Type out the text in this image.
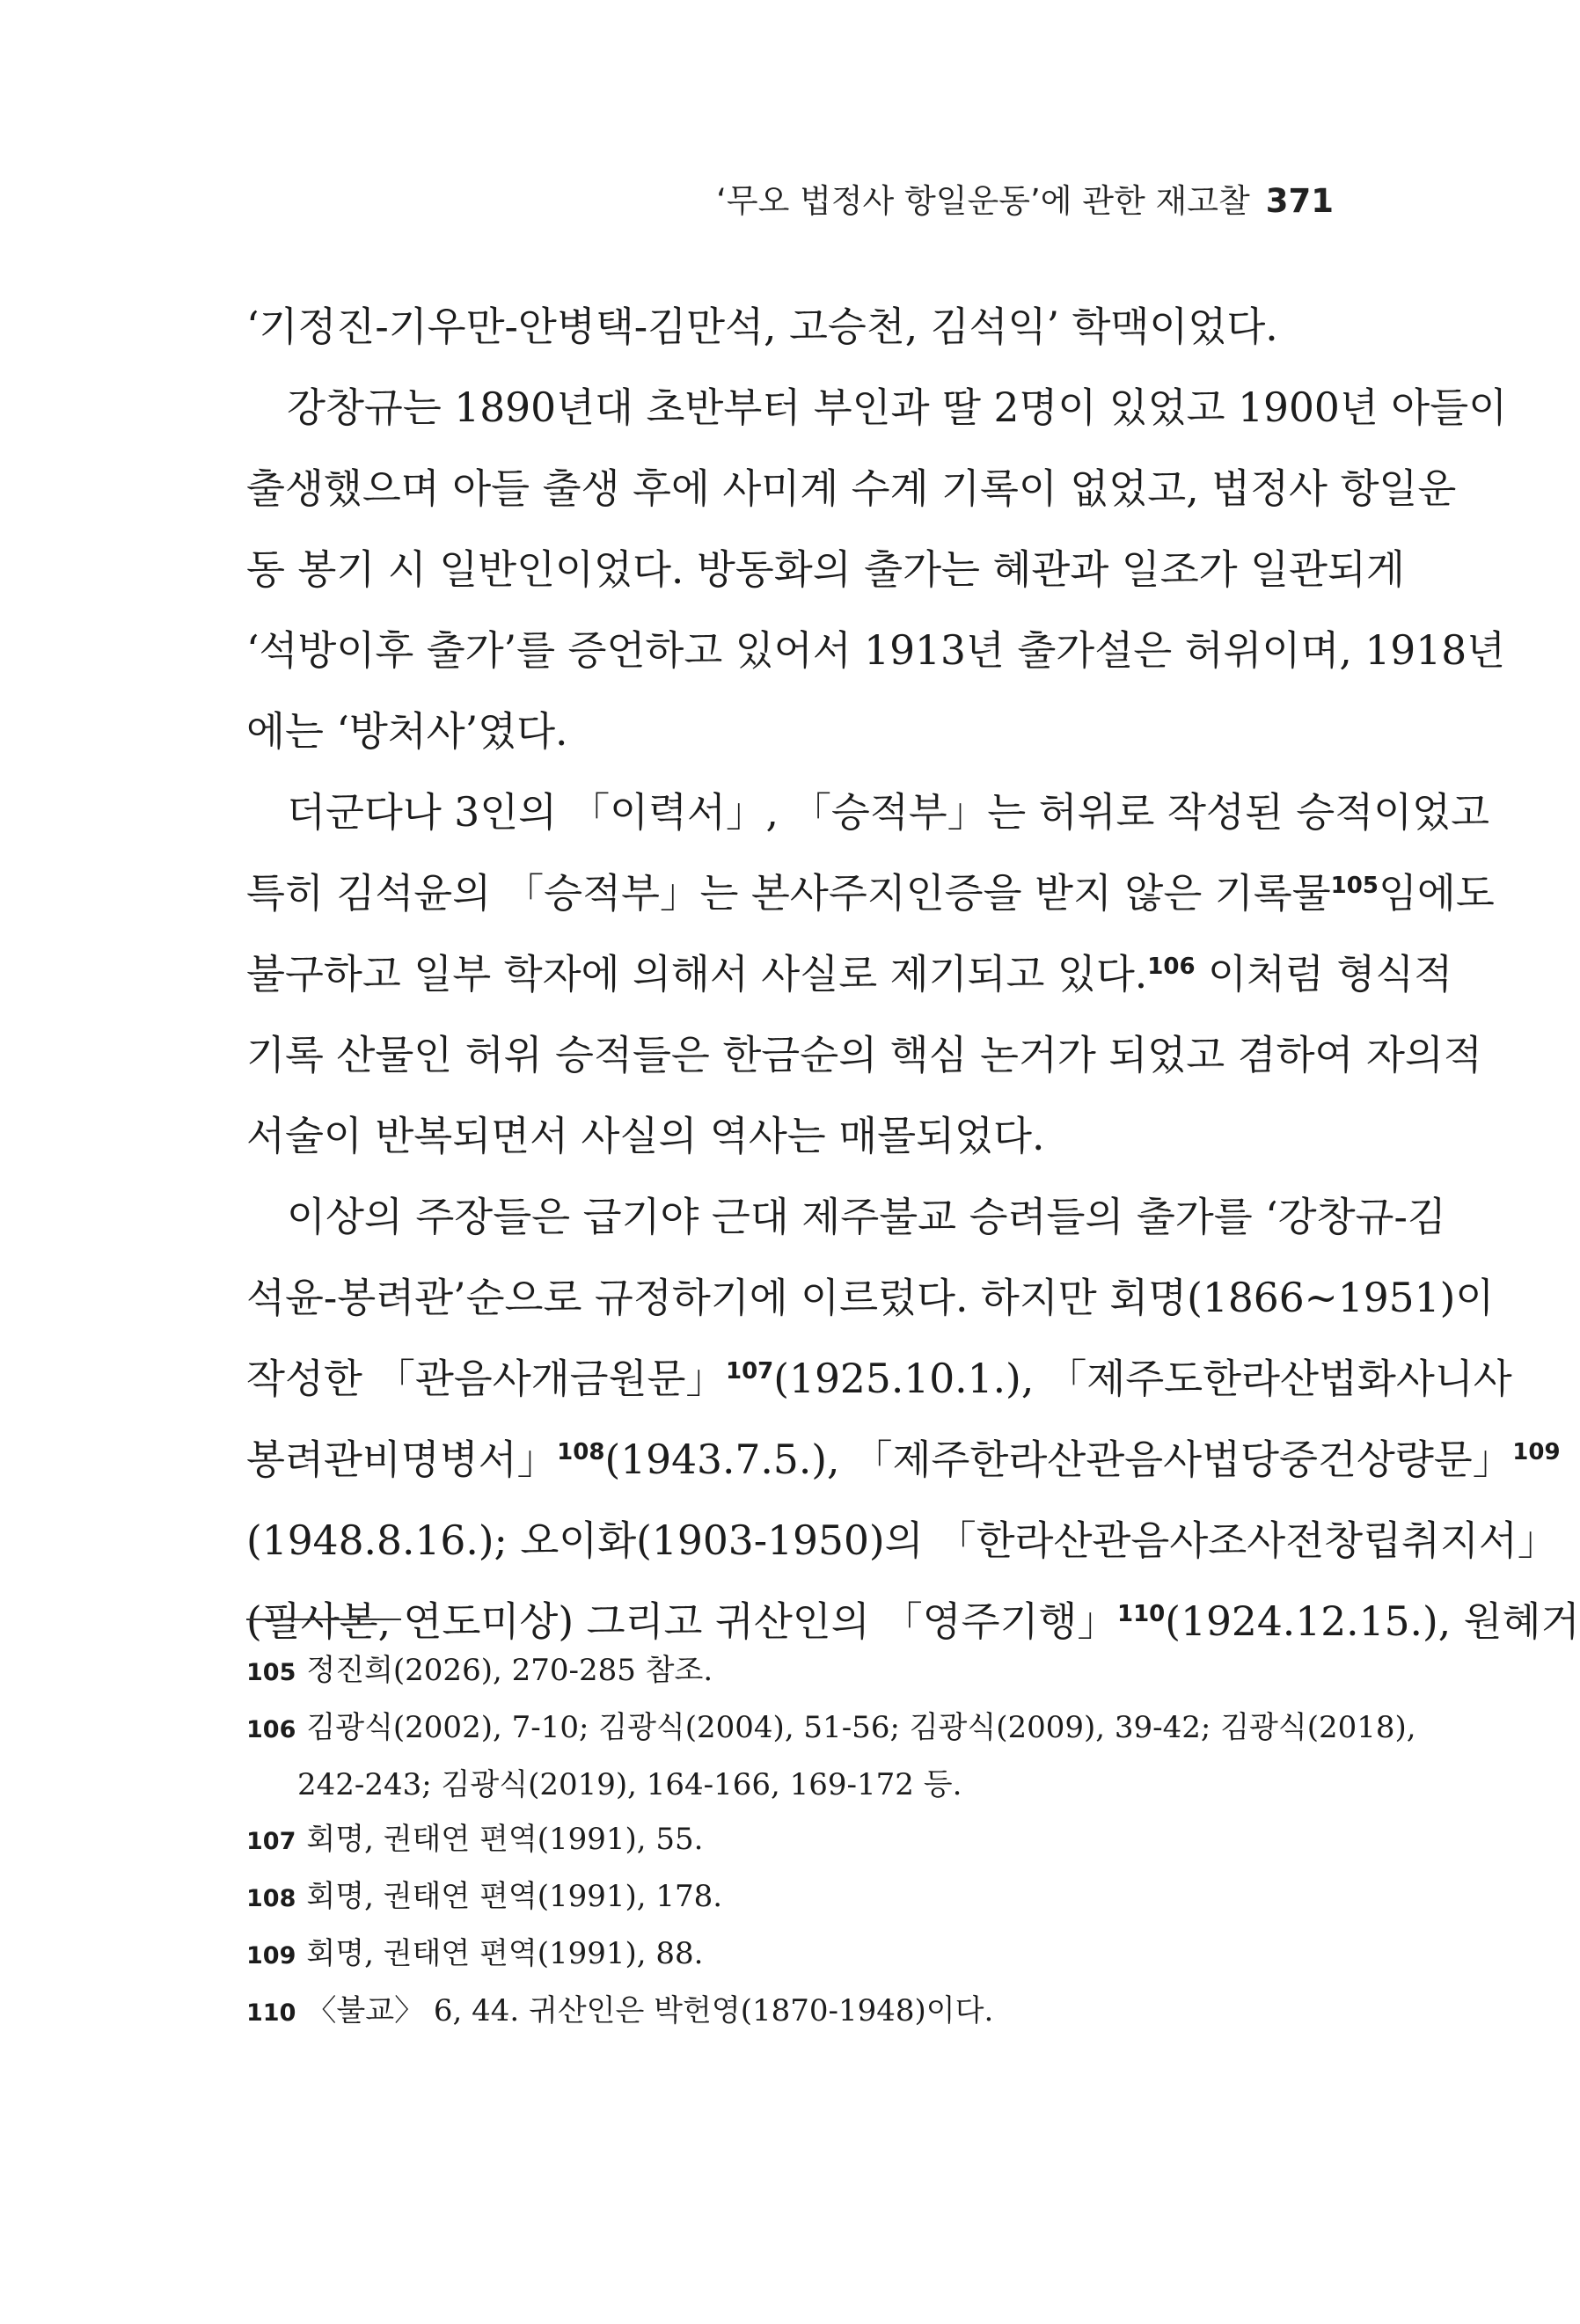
‘무오 법정사 항일운동’에 관한 재고찰 371
‘기정진-기우만-안병택-김만석, 고승천, 김석익’ 학맥이었다.
강창규는 1890년대 초반부터 부인과 딸 2명이 있었고 1900년 아들이
출생했으며 아들 출생 후에 사미계 수계 기록이 없었고, 법정사 항일운
동 봉기 시 일반인이었다. 방동화의 출가는 혜관과 일조가 일관되게
‘석방이후 출가’를 증언하고 있어서 1913년 출가설은 허위이며, 1918년
에는 ‘방처사’였다.
더군다나 3인의 「이력서」, 「승적부」는 허위로 작성된 승적이었고
특히 김석윤의 「승적부」는 본사주지인증을 받지 않은 기록물$^{105}$임에도
불구하고 일부 학자에 의해서 사실로 제기되고 있다.$^{106}$ 이처럼 형식적
기록 산물인 허위 승적들은 한금순의 핵심 논거가 되었고 겸하여 자의적
서술이 반복되면서 사실의 역사는 매몰되었다.
이상의 주장들은 급기야 근대 제주불교 승려들의 출가를 ‘강창규-김
석윤-봉려관’순으로 규정하기에 이르렀다. 하지만 회명(1866~1951)이
작성한 「관음사개금원문」$^{107}$(1925.10.1.), 「제주도한라산법화사니사
봉려관비명병서」$^{108}$(1943.7.5.), 「제주한라산관음사법당중건상량문」$^{109}$
(1948.8.16.); 오이화(1903-1950)의 「한라산관음사조사전창립취지서」
(필사본, 연도미상) 그리고 귀산인의 「영주기행」$^{110}$(1924.12.15.), 원혜거
105 정진희(2026), 270-285 참조.
106 김광식(2002), 7-10; 김광식(2004), 51-56; 김광식(2009), 39-42; 김광식(2018),
242-243; 김광식(2019), 164-166, 169-172 등.
107 회명, 권태연 편역(1991), 55.
108 회명, 권태연 편역(1991), 178.
109 회명, 권태연 편역(1991), 88.
110 〈불교〉 6, 44. 귀산인은 박헌영(1870-1948)이다.
